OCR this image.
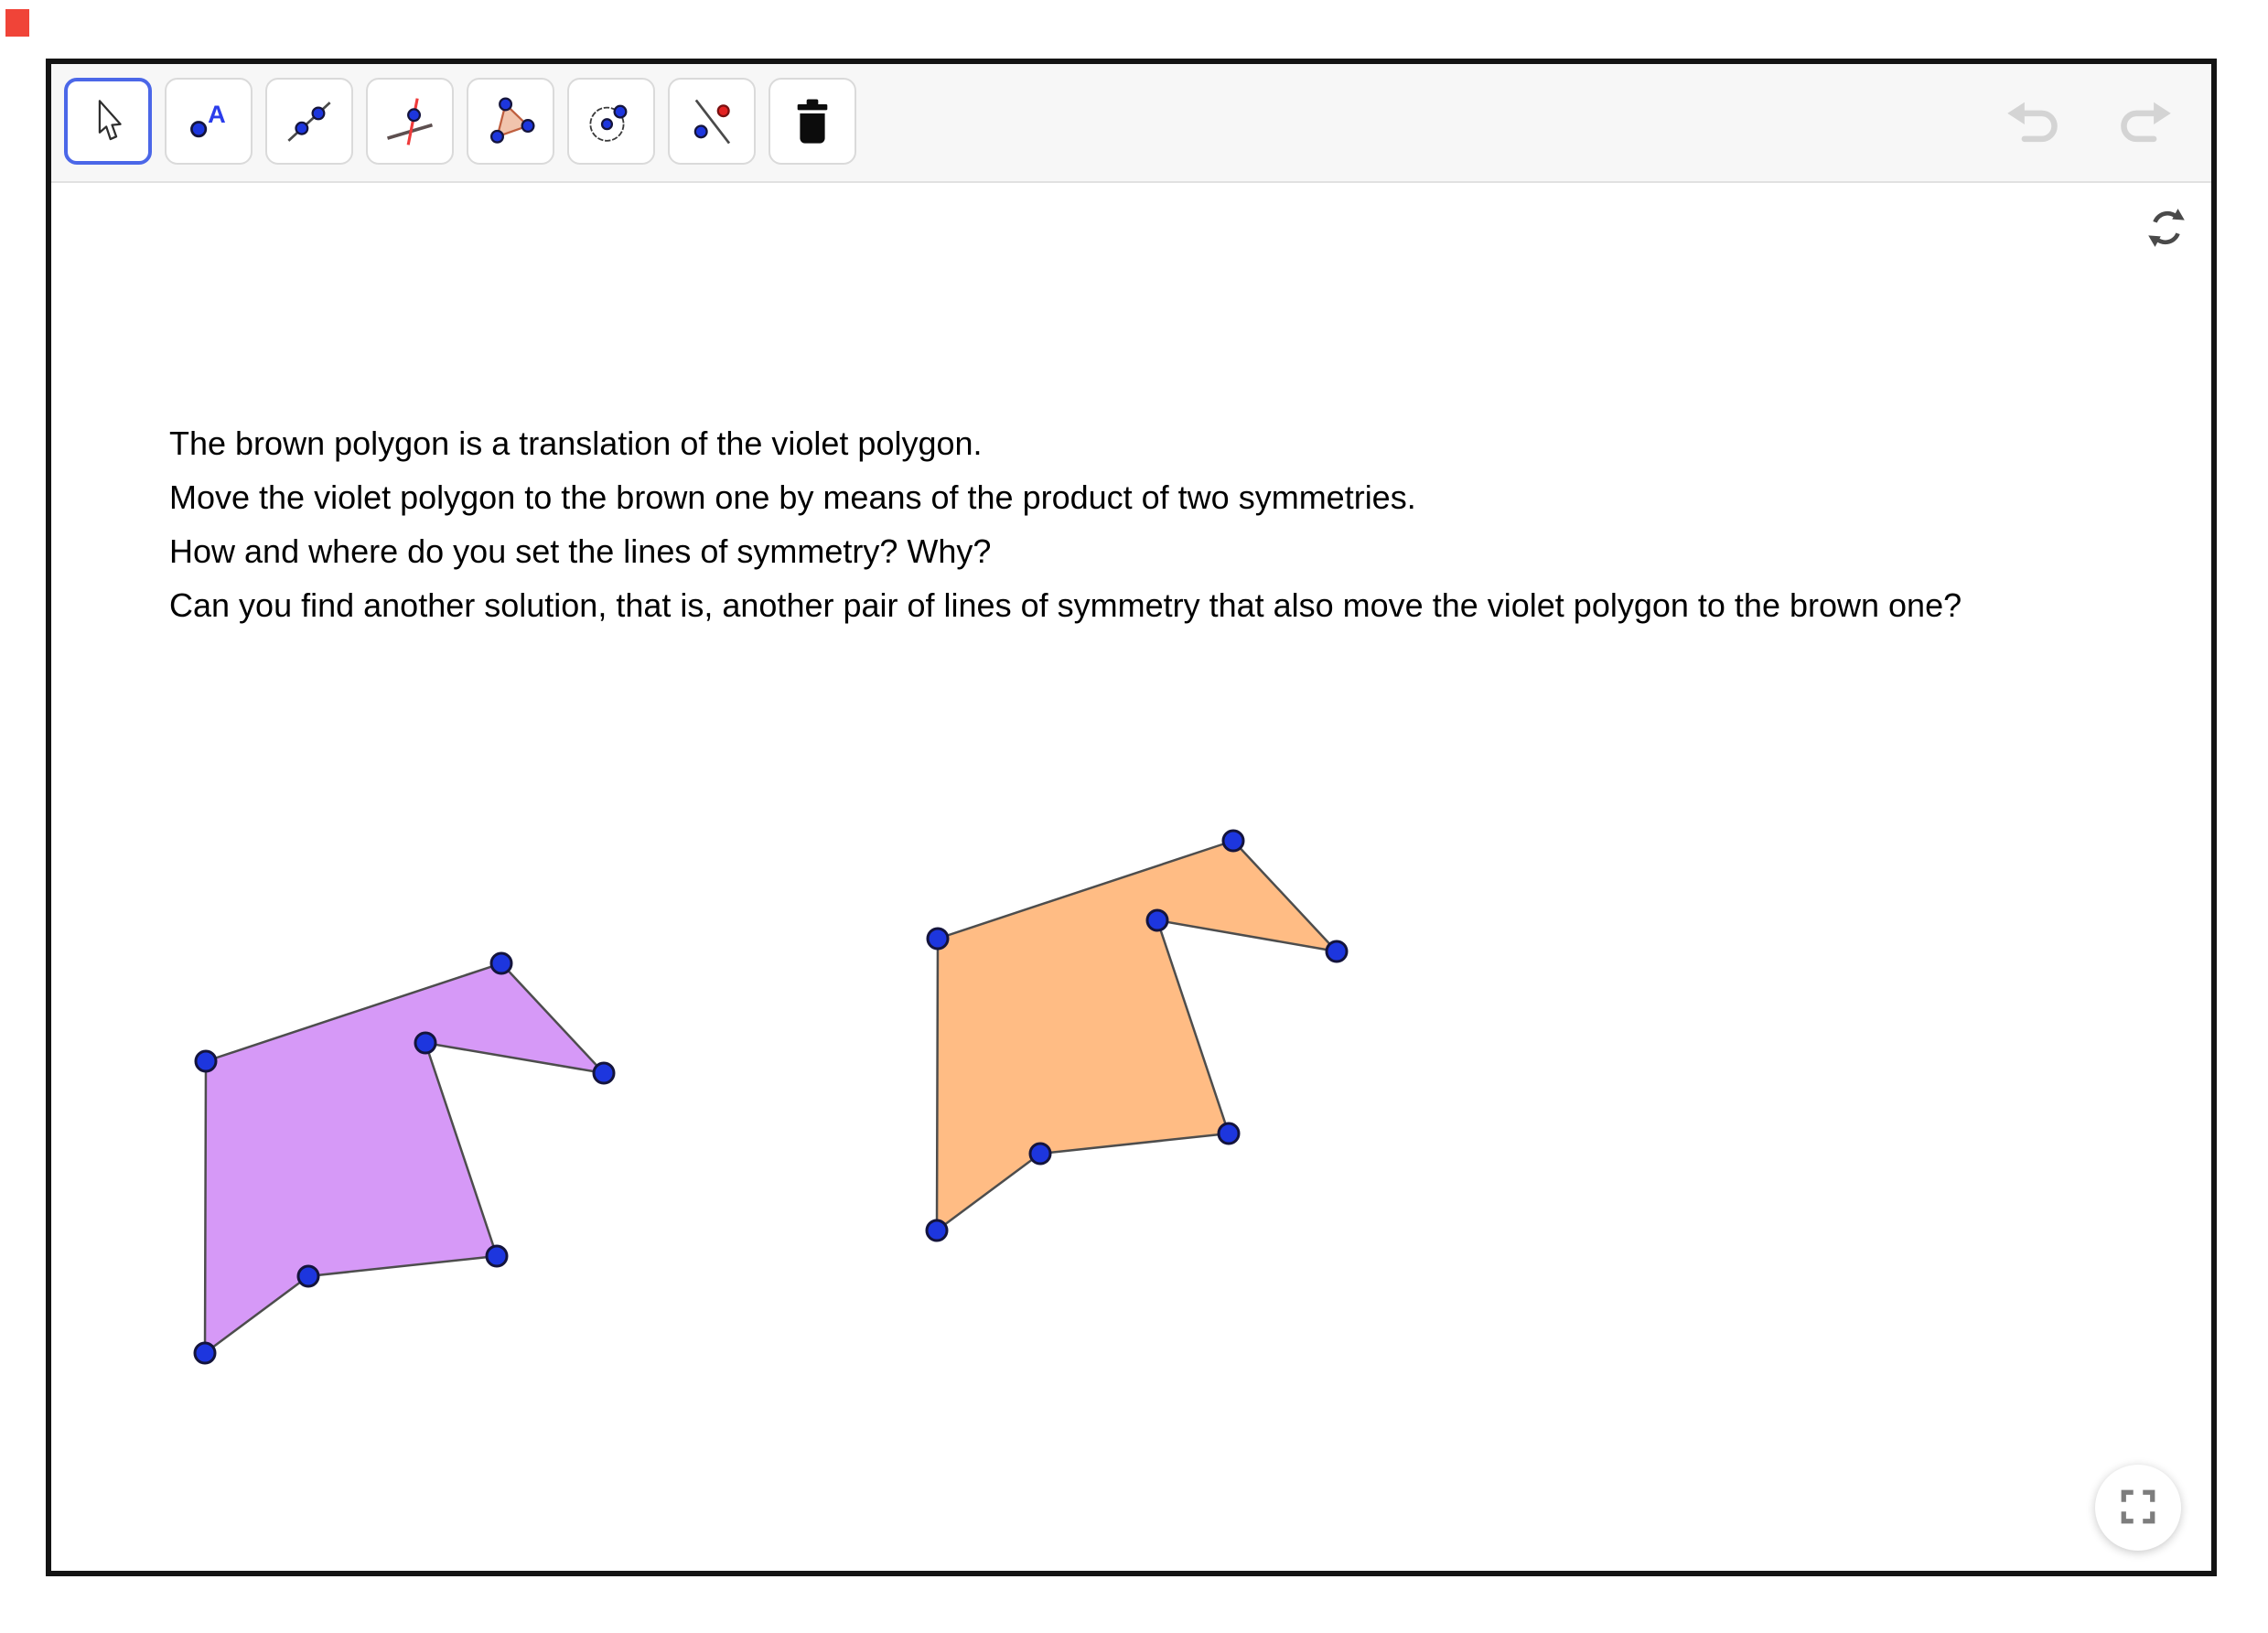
A
The brown polygon is a translation of the violet polygon.
Move the violet polygon to the brown one by means of the product of two symmetries.
How and where do you set the lines of symmetry? Why?
Can you find another solution, that is, another pair of lines of symmetry that also move the violet polygon to the brown one?
